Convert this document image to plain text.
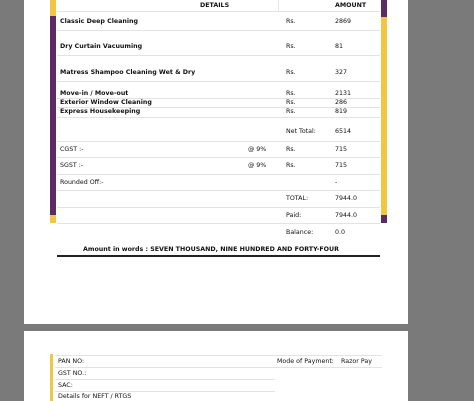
DETAILS	AMOUNT
Classic Deep Cleaning	Rs.	2869
Dry Curtain Vacuuming	Rs.	81
Matress Shampoo Cleaning Wet & Dry	Rs.	327
Move-in / Move-out	Rs.	2131
Exterior Window Cleaning	Rs.	286
Express Housekeeping	Rs.	819
Net Total:	6514
CGST :-	@ 9%	Rs.	715
SGST :-	@ 9%	Rs.	715
Rounded Off:-	-
TOTAL:	7944.0
Paid:	7944.0
Balance:	0.0
Amount in words : SEVEN THOUSAND, NINE HUNDRED AND FORTY-FOUR
PAN NO:	Mode of Payment: Razor Pay
GST NO.:
SAC:
Details for NEFT / RTGS
